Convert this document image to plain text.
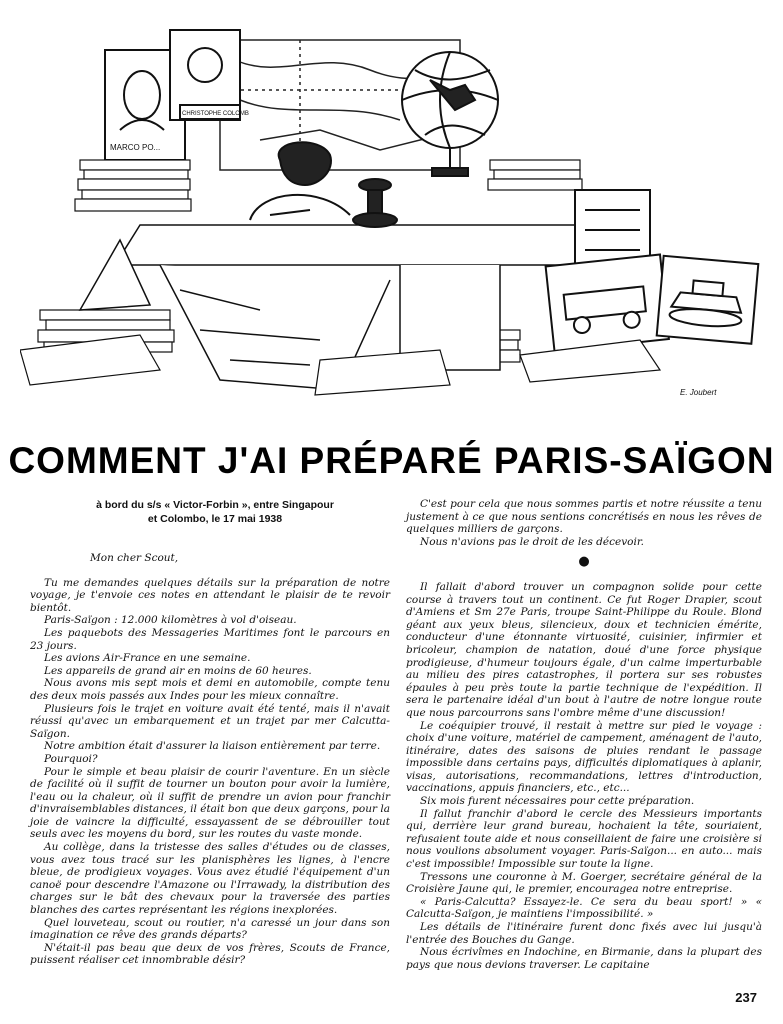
MARCO PO...
CHRISTOPHE COLOMB
E. Joubert
COMMENT J'AI PRÉPARÉ PARIS-SAÏGON
à bord du s/s « Victor-Forbin », entre Singapour
et Colombo, le 17 mai 1938

Mon cher Scout,

Tu me demandes quelques détails sur la préparation de notre voyage, je t'envoie ces notes en attendant le plaisir de te revoir bientôt.

Paris-Saïgon : 12.000 kilomètres à vol d'oiseau.

Les paquebots des Messageries Maritimes font le parcours en 23 jours.

Les avions Air-France en une semaine.

Les appareils de grand air en moins de 60 heures.

Nous avons mis sept mois et demi en automobile, compte tenu des deux mois passés aux Indes pour les mieux connaître.

Plusieurs fois le trajet en voiture avait été tenté, mais il n'avait réussi qu'avec un embarquement et un trajet par mer Calcutta-Saïgon.

Notre ambition était d'assurer la liaison entièrement par terre.

Pourquoi?

Pour le simple et beau plaisir de courir l'aventure. En un siècle de facilité où il suffit de tourner un bouton pour avoir la lumière, l'eau ou la chaleur, où il suffit de prendre un avion pour franchir d'invraisemblables distances, il était bon que deux garçons, pour la joie de vaincre la difficulté, essayassent de se débrouiller tout seuls avec les moyens du bord, sur les routes du vaste monde.

Au collège, dans la tristesse des salles d'études ou de classes, vous avez tous tracé sur les planisphères les lignes, à l'encre bleue, de prodigieux voyages. Vous avez étudié l'équipement d'un canoë pour descendre l'Amazone ou l'Irrawady, la distribution des charges sur le bât des chevaux pour la traversée des parties blanches des cartes représentant les régions inexplorées.

Quel louveteau, scout ou routier, n'a caressé un jour dans son imagination ce rêve des grands départs?

N'était-il pas beau que deux de vos frères, Scouts de France, puissent réaliser cet innombrable désir?

C'est pour cela que nous sommes partis et notre réussite a tenu justement à ce que nous sentions concrétisés en nous les rêves de quelques milliers de garçons.

Nous n'avions pas le droit de les décevoir.

●

Il fallait d'abord trouver un compagnon solide pour cette course à travers tout un continent. Ce fut Roger Drapier, scout d'Amiens et Sm 27e Paris, troupe Saint-Philippe du Roule. Blond géant aux yeux bleus, silencieux, doux et technicien émérite, conducteur d'une étonnante virtuosité, cuisinier, infirmier et bricoleur, champion de natation, doué d'une force physique prodigieuse, d'humeur toujours égale, d'un calme imperturbable au milieu des pires catastrophes, il portera sur ses robustes épaules à peu près toute la partie technique de l'expédition. Il sera le partenaire idéal d'un bout à l'autre de notre longue route que nous parcourrons sans l'ombre même d'une discussion!

Le coéquipier trouvé, il restait à mettre sur pied le voyage : choix d'une voiture, matériel de campement, aménagent de l'auto, itinéraire, dates des saisons de pluies rendant le passage impossible dans certains pays, difficultés diplomatiques à aplanir, visas, autorisations, recommandations, lettres d'introduction, vaccinations, appuis financiers, etc., etc...

Six mois furent nécessaires pour cette préparation.

Il fallut franchir d'abord le cercle des Messieurs importants qui, derrière leur grand bureau, hochaient la tête, souriaient, refusaient toute aide et nous conseillaient de faire une croisière si nous voulions absolument voyager. Paris-Saïgon... en auto... mais c'est impossible! Impossible sur toute la ligne.

Tressons une couronne à M. Goerger, secrétaire général de la Croisière Jaune qui, le premier, encouragea notre entreprise.

« Paris-Calcutta? Essayez-le. Ce sera du beau sport! » « Calcutta-Saïgon, je maintiens l'impossibilité. »

Les détails de l'itinéraire furent donc fixés avec lui jusqu'à l'entrée des Bouches du Gange.

Nous écrivîmes en Indochine, en Birmanie, dans la plupart des pays que nous devions traverser. Le capitaine

237
